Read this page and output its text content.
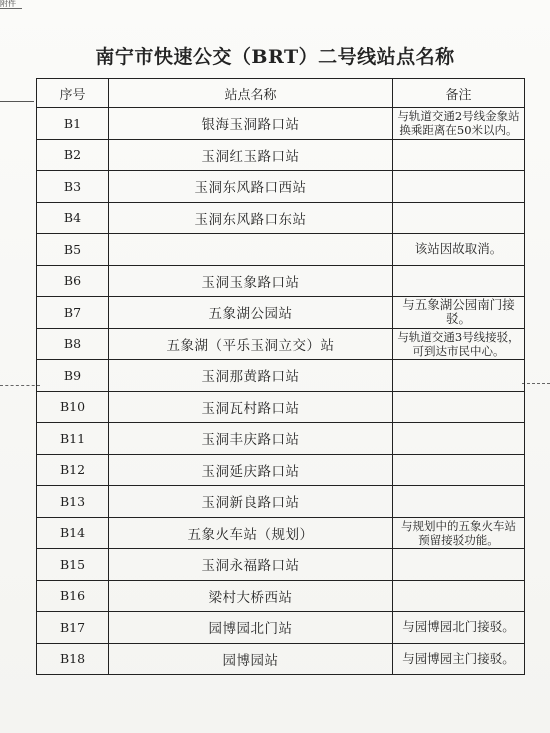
附件
南宁市快速公交（BRT）二号线站点名称
序号	站点名称	备注
B1	银海玉洞路口站	与轨道交通2号线金象站换乘距离在50米以内。
B2	玉洞红玉路口站	
B3	玉洞东风路口西站	
B4	玉洞东风路口东站	
B5		该站因故取消。
B6	玉洞玉象路口站	
B7	五象湖公园站	与五象湖公园南门接驳。
B8	五象湖（平乐玉洞立交）站	与轨道交通3号线接驳，可到达市民中心。
B9	玉洞那黄路口站	
B10	玉洞瓦村路口站	
B11	玉洞丰庆路口站	
B12	玉洞延庆路口站	
B13	玉洞新良路口站	
B14	五象火车站（规划）	与规划中的五象火车站预留接驳功能。
B15	玉洞永福路口站	
B16	梁村大桥西站	
B17	园博园北门站	与园博园北门接驳。
B18	园博园站	与园博园主门接驳。
